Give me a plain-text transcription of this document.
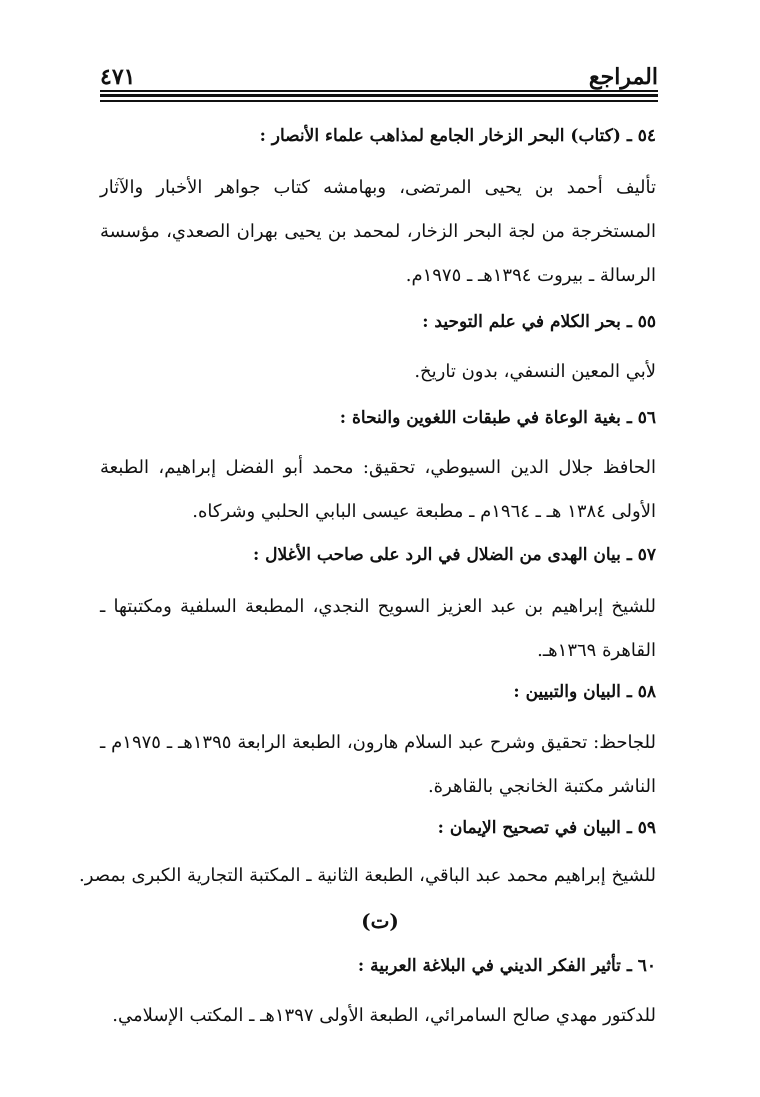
المراجع
٤٧١
٥٤ ـ (كتاب) البحر الزخار الجامع لمذاهب علماء الأنصار :
تأليف أحمد بن يحيى المرتضى، وبهامشه كتاب جواهر الأخبار والآثار المستخرجة من لجة البحر الزخار، لمحمد بن يحيى بهران الصعدي، مؤسسة الرسالة ـ بيروت ١٣٩٤هـ ـ ١٩٧٥م.
٥٥ ـ بحر الكلام في علم التوحيد :
لأبي المعين النسفي، بدون تاريخ.
٥٦ ـ بغية الوعاة في طبقات اللغوين والنحاة :
الحافظ جلال الدين السيوطي، تحقيق: محمد أبو الفضل إبراهيم، الطبعة الأولى ١٣٨٤ هـ ـ ١٩٦٤م ـ مطبعة عيسى البابي الحلبي وشركاه.
٥٧ ـ بيان الهدى من الضلال في الرد على صاحب الأغلال :
للشيخ إبراهيم بن عبد العزيز السويح النجدي، المطبعة السلفية ومكتبتها ـ القاهرة ١٣٦٩هـ.
٥٨ ـ البيان والتبيين :
للجاحظ: تحقيق وشرح عبد السلام هارون، الطبعة الرابعة ١٣٩٥هـ ـ ١٩٧٥م ـ الناشر مكتبة الخانجي بالقاهرة.
٥٩ ـ البيان في تصحيح الإيمان :
للشيخ إبراهيم محمد عبد الباقي، الطبعة الثانية ـ المكتبة التجارية الكبرى بمصر.
(ت)
٦٠ ـ تأثير الفكر الديني في البلاغة العربية :
للدكتور مهدي صالح السامرائي، الطبعة الأولى ١٣٩٧هـ ـ المكتب الإسلامي.
